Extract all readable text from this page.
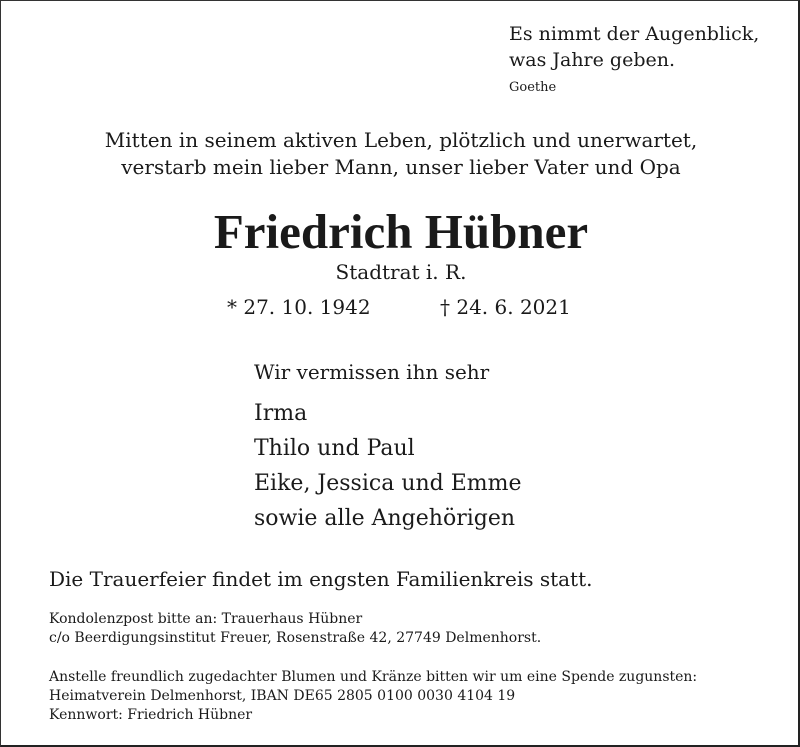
Es nimmt der Augenblick,
was Jahre geben.
Goethe
Mitten in seinem aktiven Leben, plötzlich und unerwartet,
verstarb mein lieber Mann, unser lieber Vater und Opa
Friedrich Hübner
Stadtrat i. R.
* 27. 10. 1942	† 24. 6. 2021
Wir vermissen ihn sehr
Irma
Thilo und Paul
Eike, Jessica und Emme
sowie alle Angehörigen
Die Trauerfeier findet im engsten Familienkreis statt.
Kondolenzpost bitte an: Trauerhaus Hübner
c/o Beerdigungsinstitut Freuer, Rosenstraße 42, 27749 Delmenhorst.
Anstelle freundlich zugedachter Blumen und Kränze bitten wir um eine Spende zugunsten:
Heimatverein Delmenhorst, IBAN DE65 2805 0100 0030 4104 19
Kennwort: Friedrich Hübner
